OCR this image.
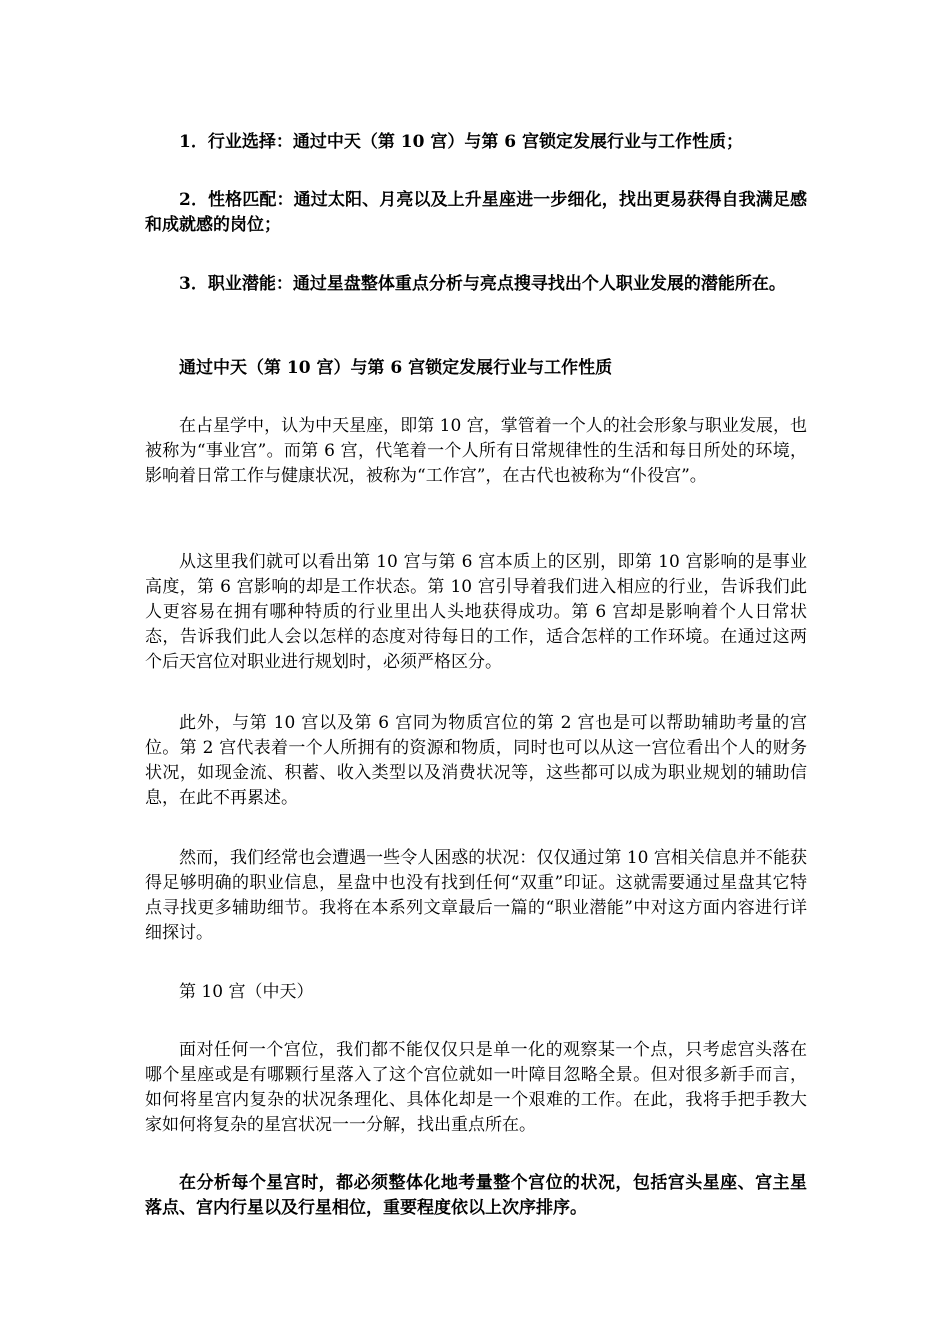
1．行业选择：通过中天（第 10 宫）与第 6 宫锁定发展行业与工作性质；

2．性格匹配：通过太阳、月亮以及上升星座进一步细化，找出更易获得自我满足感和成就感的岗位；

3．职业潜能：通过星盘整体重点分析与亮点搜寻找出个人职业发展的潜能所在。

通过中天（第 10 宫）与第 6 宫锁定发展行业与工作性质

在占星学中，认为中天星座，即第 10 宫，掌管着一个人的社会形象与职业发展，也被称为“事业宫”。而第 6 宫，代笔着一个人所有日常规律性的生活和每日所处的环境，影响着日常工作与健康状况，被称为“工作宫”，在古代也被称为“仆役宫”。

从这里我们就可以看出第 10 宫与第 6 宫本质上的区别，即第 10 宫影响的是事业高度，第 6 宫影响的却是工作状态。第 10 宫引导着我们进入相应的行业，告诉我们此人更容易在拥有哪种特质的行业里出人头地获得成功。第 6 宫却是影响着个人日常状态，告诉我们此人会以怎样的态度对待每日的工作，适合怎样的工作环境。在通过这两个后天宫位对职业进行规划时，必须严格区分。

此外，与第 10 宫以及第 6 宫同为物质宫位的第 2 宫也是可以帮助辅助考量的宫位。第 2 宫代表着一个人所拥有的资源和物质，同时也可以从这一宫位看出个人的财务状况，如现金流、积蓄、收入类型以及消费状况等，这些都可以成为职业规划的辅助信息，在此不再累述。

然而，我们经常也会遭遇一些令人困惑的状况：仅仅通过第 10 宫相关信息并不能获得足够明确的职业信息，星盘中也没有找到任何“双重”印证。这就需要通过星盘其它特点寻找更多辅助细节。我将在本系列文章最后一篇的“职业潜能”中对这方面内容进行详细探讨。

第 10 宫（中天）

面对任何一个宫位，我们都不能仅仅只是单一化的观察某一个点，只考虑宫头落在哪个星座或是有哪颗行星落入了这个宫位就如一叶障目忽略全景。但对很多新手而言，如何将星宫内复杂的状况条理化、具体化却是一个艰难的工作。在此，我将手把手教大家如何将复杂的星宫状况一一分解，找出重点所在。

在分析每个星宫时，都必须整体化地考量整个宫位的状况，包括宫头星座、宫主星落点、宫内行星以及行星相位，重要程度依以上次序排序。
